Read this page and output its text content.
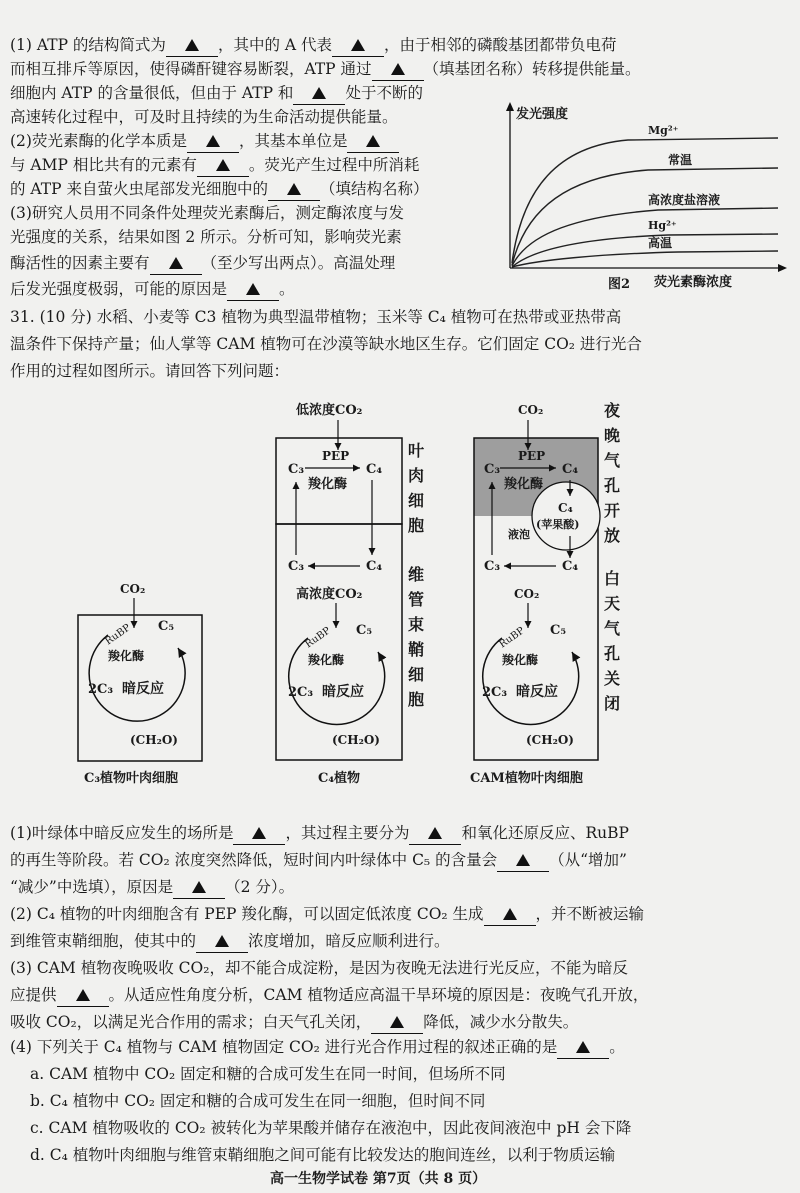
(1) ATP 的结构简式为	，其中的 A 代表	，由于相邻的磷酸基团都带负电荷
而相互排斥等原因，使得磷酐键容易断裂，ATP 通过	（填基团名称）转移提供能量。
细胞内 ATP 的含量很低，但由于 ATP 和	处于不断的
高速转化过程中，可及时且持续的为生命活动提供能量。
(2)荧光素酶的化学本质是	，其基本单位是
与 AMP 相比共有的元素有	。荧光产生过程中所消耗
的 ATP 来自萤火虫尾部发光细胞中的	（填结构名称）
(3)研究人员用不同条件处理荧光素酶后，测定酶浓度与发
光强度的关系，结果如图 2 所示。分析可知，影响荧光素
酶活性的因素主要有	（至少写出两点）。高温处理
后发光强度极弱，可能的原因是	。
发光强度
荧光素酶浓度
图2
Mg²⁺
常温
高浓度盐溶液
Hg²⁺
高温
31. (10 分) 水稻、小麦等 C3 植物为典型温带植物；玉米等 C₄ 植物可在热带或亚热带高
温条件下保持产量；仙人掌等 CAM 植物可在沙漠等缺水地区生存。它们固定 CO₂ 进行光合
作用的过程如图所示。请回答下列问题：
CO₂
C₅
RuBP
羧化酶
2C₃ 暗反应
(CH₂O)
C₃植物叶肉细胞
低浓度CO₂
C₃
PEP
C₄
羧化酶
C₃	C₄
高浓度CO₂
C₅
RuBP
羧化酶
2C₃ 暗反应
(CH₂O)
C₄植物
CO₂
C₃
PEP
C₄
羧化酶
C₄
(苹果酸)
液泡
C₃	C₄
CO₂
C₅
RuBP
羧化酶
2C₃ 暗反应
(CH₂O)
CAM植物叶肉细胞
叶
肉
细
胞
维
管
束
鞘
细
胞
夜
晚
气
孔
开
放
白
天
气
孔
关
闭
(1)叶绿体中暗反应发生的场所是	，其过程主要分为	和氧化还原反应、RuBP
的再生等阶段。若 CO₂ 浓度突然降低，短时间内叶绿体中 C₅ 的含量会	（从“增加”
“减少”中选填），原因是	（2 分）。
(2) C₄ 植物的叶肉细胞含有 PEP 羧化酶，可以固定低浓度 CO₂ 生成	，并不断被运输
到维管束鞘细胞，使其中的	浓度增加，暗反应顺利进行。
(3) CAM 植物夜晚吸收 CO₂，却不能合成淀粉，是因为夜晚无法进行光反应，不能为暗反
应提供	。从适应性角度分析，CAM 植物适应高温干旱环境的原因是：夜晚气孔开放，
吸收 CO₂，以满足光合作用的需求；白天气孔关闭，	降低，减少水分散失。
(4) 下列关于 C₄ 植物与 CAM 植物固定 CO₂ 进行光合作用过程的叙述正确的是	。
a. CAM 植物中 CO₂ 固定和糖的合成可发生在同一时间，但场所不同
b. C₄ 植物中 CO₂ 固定和糖的合成可发生在同一细胞，但时间不同
c. CAM 植物吸收的 CO₂ 被转化为苹果酸并储存在液泡中，因此夜间液泡中 pH 会下降
d. C₄ 植物叶肉细胞与维管束鞘细胞之间可能有比较发达的胞间连丝，以利于物质运输
高一生物学试卷 第7页（共 8 页）
